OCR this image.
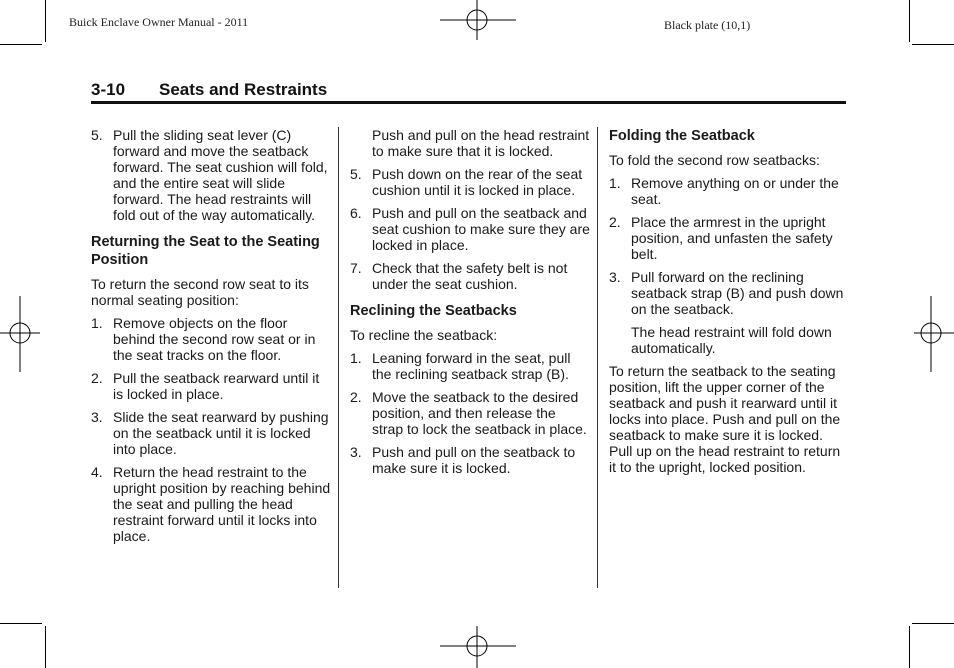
Buick Enclave Owner Manual - 2011	Black plate (10,1)
3-10 Seats and Restraints
5. Pull the sliding seat lever (C) forward and move the seatback forward. The seat cushion will fold, and the entire seat will slide forward. The head restraints will fold out of the way automatically.
Returning the Seat to the Seating Position

To return the second row seat to its normal seating position:

1. Remove objects on the floor behind the second row seat or in the seat tracks on the floor.
2. Pull the seatback rearward until it is locked in place.
3. Slide the seat rearward by pushing on the seatback until it is locked into place.
4. Return the head restraint to the upright position by reaching behind the seat and pulling the head restraint forward until it locks into place.

Push and pull on the head restraint to make sure that it is locked.

5. Push down on the rear of the seat cushion until it is locked in place.
6. Push and pull on the seatback and seat cushion to make sure they are locked in place.
7. Check that the safety belt is not under the seat cushion.
Reclining the Seatbacks

To recline the seatback:

1. Leaning forward in the seat, pull the reclining seatback strap (B).
2. Move the seatback to the desired position, and then release the strap to lock the seatback in place.
3. Push and pull on the seatback to make sure it is locked.
Folding the Seatback

To fold the second row seatbacks:

1. Remove anything on or under the seat.
2. Place the armrest in the upright position, and unfasten the safety belt.
3. Pull forward on the reclining seatback strap (B) and push down on the seatback.

The head restraint will fold down automatically.

To return the seatback to the seating position, lift the upper corner of the seatback and push it rearward until it locks into place. Push and pull on the seatback to make sure it is locked. Pull up on the head restraint to return it to the upright, locked position.
